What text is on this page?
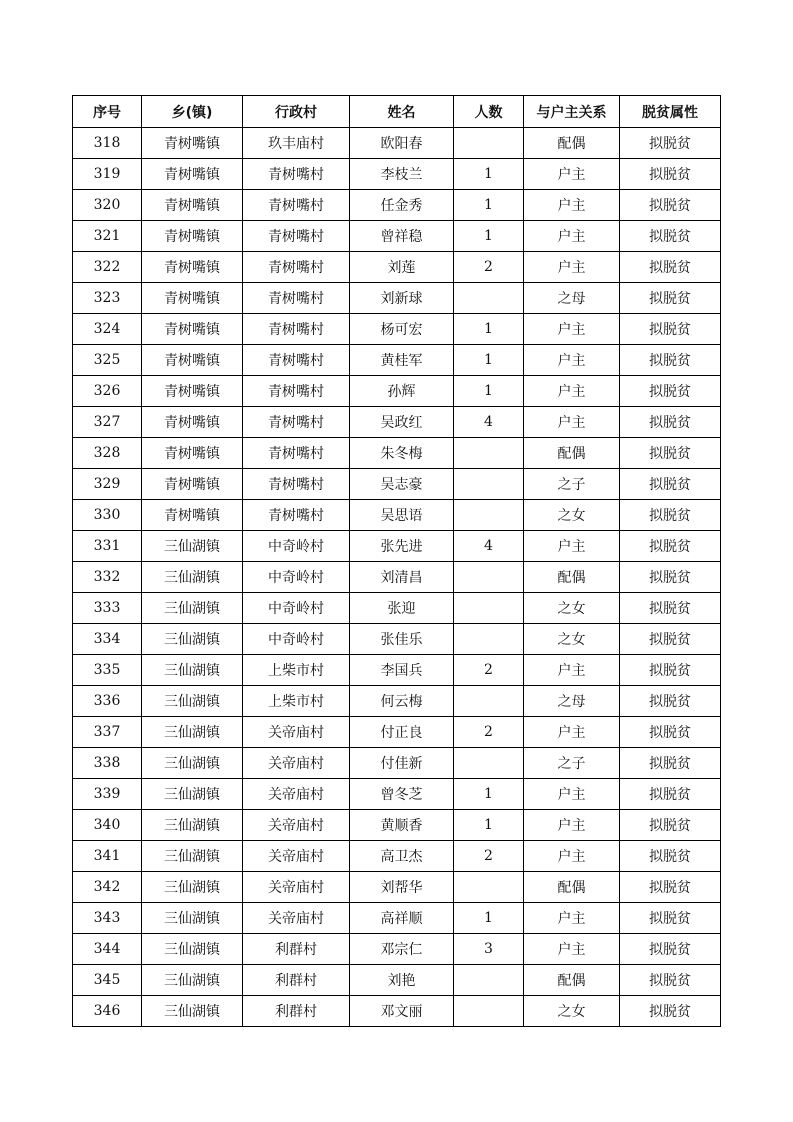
序号	乡(镇)	行政村	姓名	人数	与户主关系	脱贫属性
318	青树嘴镇	玖丰庙村	欧阳春		配偶	拟脱贫
319	青树嘴镇	青树嘴村	李枝兰	1	户主	拟脱贫
320	青树嘴镇	青树嘴村	任金秀	1	户主	拟脱贫
321	青树嘴镇	青树嘴村	曾祥稳	1	户主	拟脱贫
322	青树嘴镇	青树嘴村	刘莲	2	户主	拟脱贫
323	青树嘴镇	青树嘴村	刘新球		之母	拟脱贫
324	青树嘴镇	青树嘴村	杨可宏	1	户主	拟脱贫
325	青树嘴镇	青树嘴村	黄桂军	1	户主	拟脱贫
326	青树嘴镇	青树嘴村	孙辉	1	户主	拟脱贫
327	青树嘴镇	青树嘴村	吴政红	4	户主	拟脱贫
328	青树嘴镇	青树嘴村	朱冬梅		配偶	拟脱贫
329	青树嘴镇	青树嘴村	吴志豪		之子	拟脱贫
330	青树嘴镇	青树嘴村	吴思语		之女	拟脱贫
331	三仙湖镇	中奇岭村	张先进	4	户主	拟脱贫
332	三仙湖镇	中奇岭村	刘清昌		配偶	拟脱贫
333	三仙湖镇	中奇岭村	张迎		之女	拟脱贫
334	三仙湖镇	中奇岭村	张佳乐		之女	拟脱贫
335	三仙湖镇	上柴市村	李国兵	2	户主	拟脱贫
336	三仙湖镇	上柴市村	何云梅		之母	拟脱贫
337	三仙湖镇	关帝庙村	付正良	2	户主	拟脱贫
338	三仙湖镇	关帝庙村	付佳新		之子	拟脱贫
339	三仙湖镇	关帝庙村	曾冬芝	1	户主	拟脱贫
340	三仙湖镇	关帝庙村	黄顺香	1	户主	拟脱贫
341	三仙湖镇	关帝庙村	高卫杰	2	户主	拟脱贫
342	三仙湖镇	关帝庙村	刘帮华		配偶	拟脱贫
343	三仙湖镇	关帝庙村	高祥顺	1	户主	拟脱贫
344	三仙湖镇	利群村	邓宗仁	3	户主	拟脱贫
345	三仙湖镇	利群村	刘艳		配偶	拟脱贫
346	三仙湖镇	利群村	邓文丽		之女	拟脱贫
